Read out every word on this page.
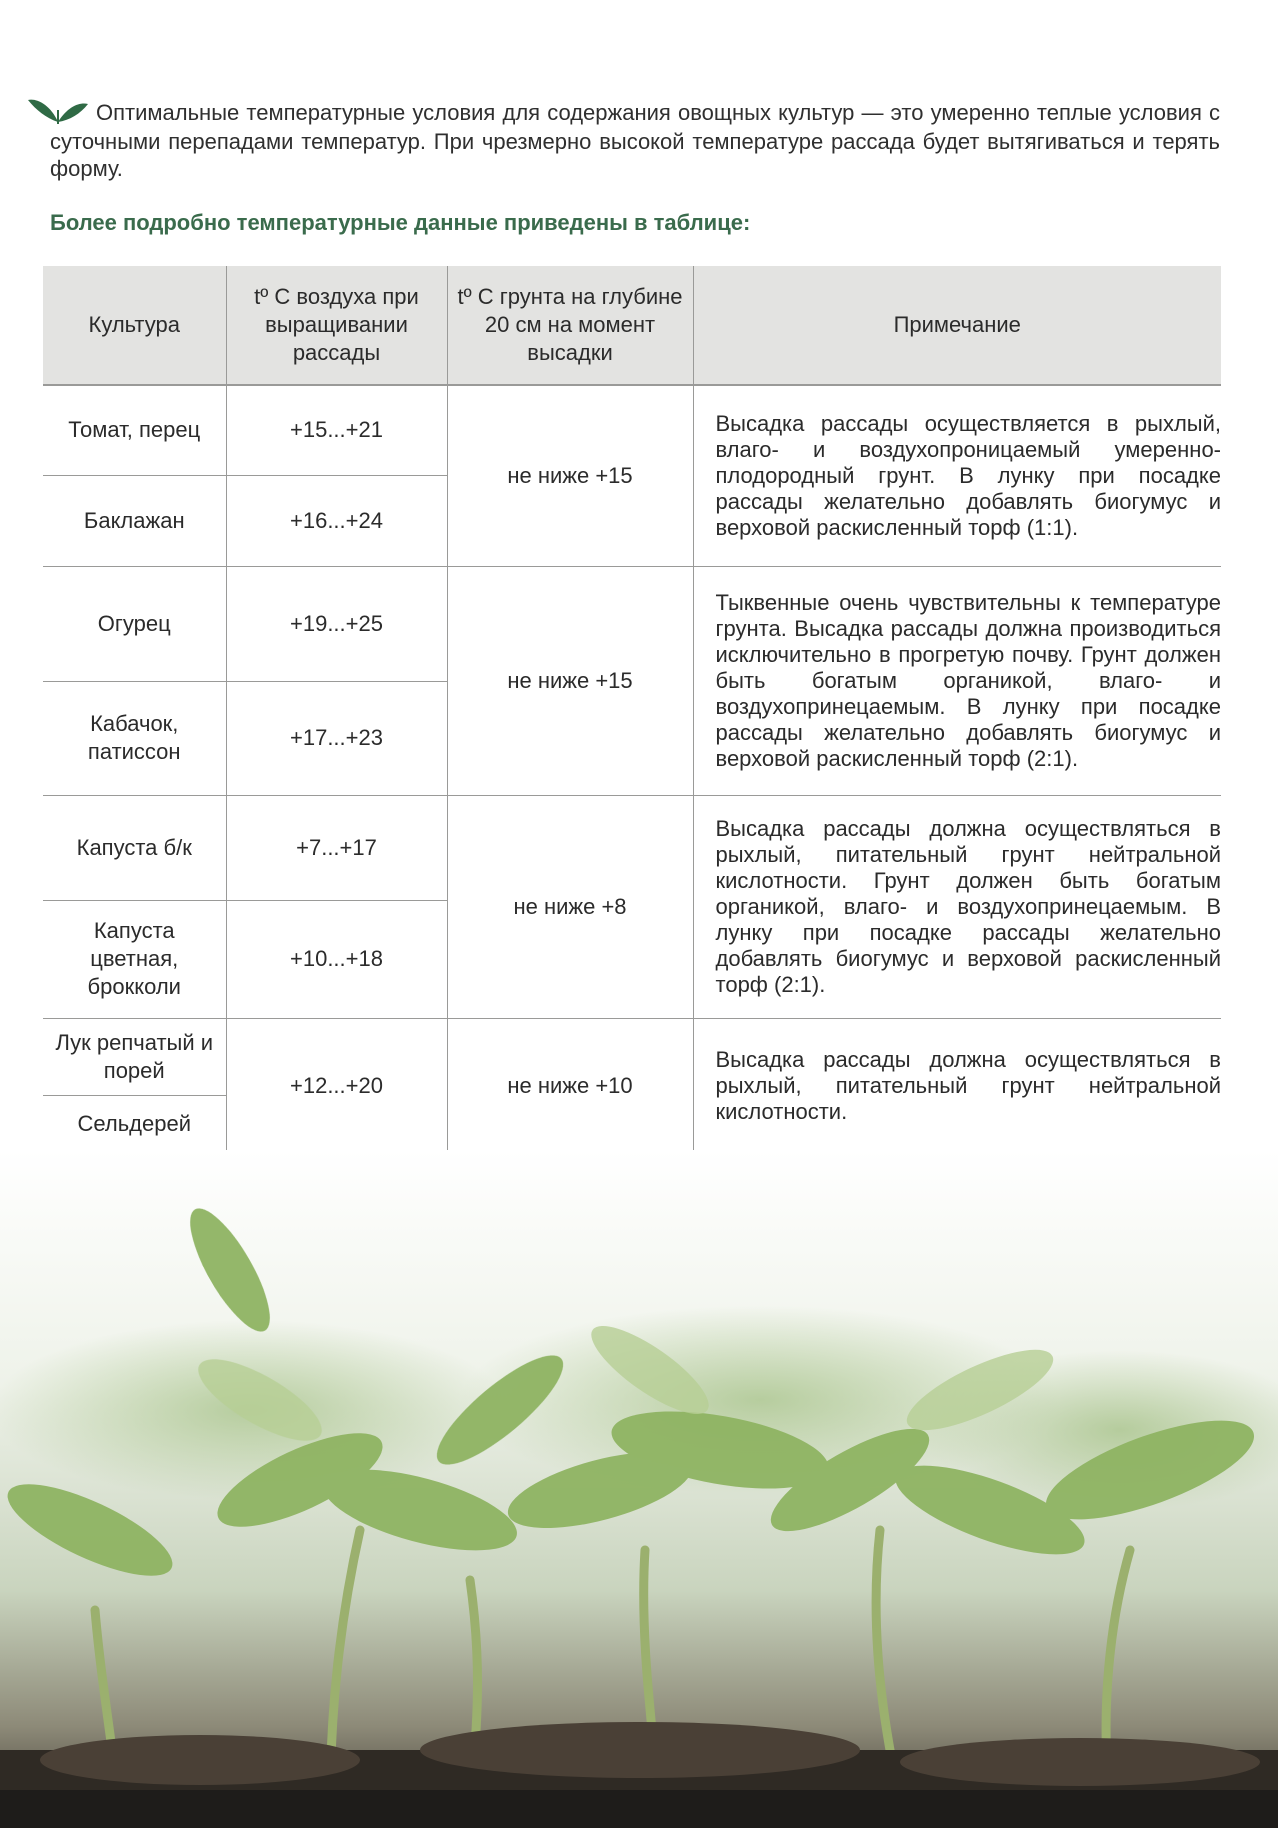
Оптимальные температурные условия для содержания овощных культур — это умеренно теплые условия с суточными перепадами температур. При чрезмерно высокой температуре рассада будет вытягиваться и терять форму.

Более подробно температурные данные приведены в таблице:
Культура	tº C воздуха при выращивании рассады	tº C грунта на глубине 20 см на момент высадки	Примечание
Томат, перец	+15...+21	не ниже +15	Высадка рассады осуществляется в рыхлый, влаго- и воздухопроницаемый умеренно-плодородный грунт. В лунку при посадке рассады желательно добавлять биогумус и верховой раскисленный торф (1:1).
Баклажан	+16...+24		
Огурец	+19...+25	не ниже +15	Тыквенные очень чувствительны к температуре грунта. Высадка рассады должна производиться исключительно в прогретую почву. Грунт должен быть богатым органикой, влаго- и воздухопринецаемым. В лунку при посадке рассады желательно добавлять биогумус и верховой раскисленный торф (2:1).
Кабачок, патиссон	+17...+23		
Капуста б/к	+7...+17	не ниже +8	Высадка рассады должна осуществляться в рыхлый, питательный грунт нейтральной кислотности. Грунт должен быть богатым органикой, влаго- и воздухопринецаемым. В лунку при посадке рассады желательно добавлять биогумус и верховой раскисленный торф (2:1).
Капуста цветная, брокколи	+10...+18		
Лук репчатый и порей	+12...+20	не ниже +10	Высадка рассады должна осуществляться в рыхлый, питательный грунт нейтральной кислотности.
Сельдерей			
